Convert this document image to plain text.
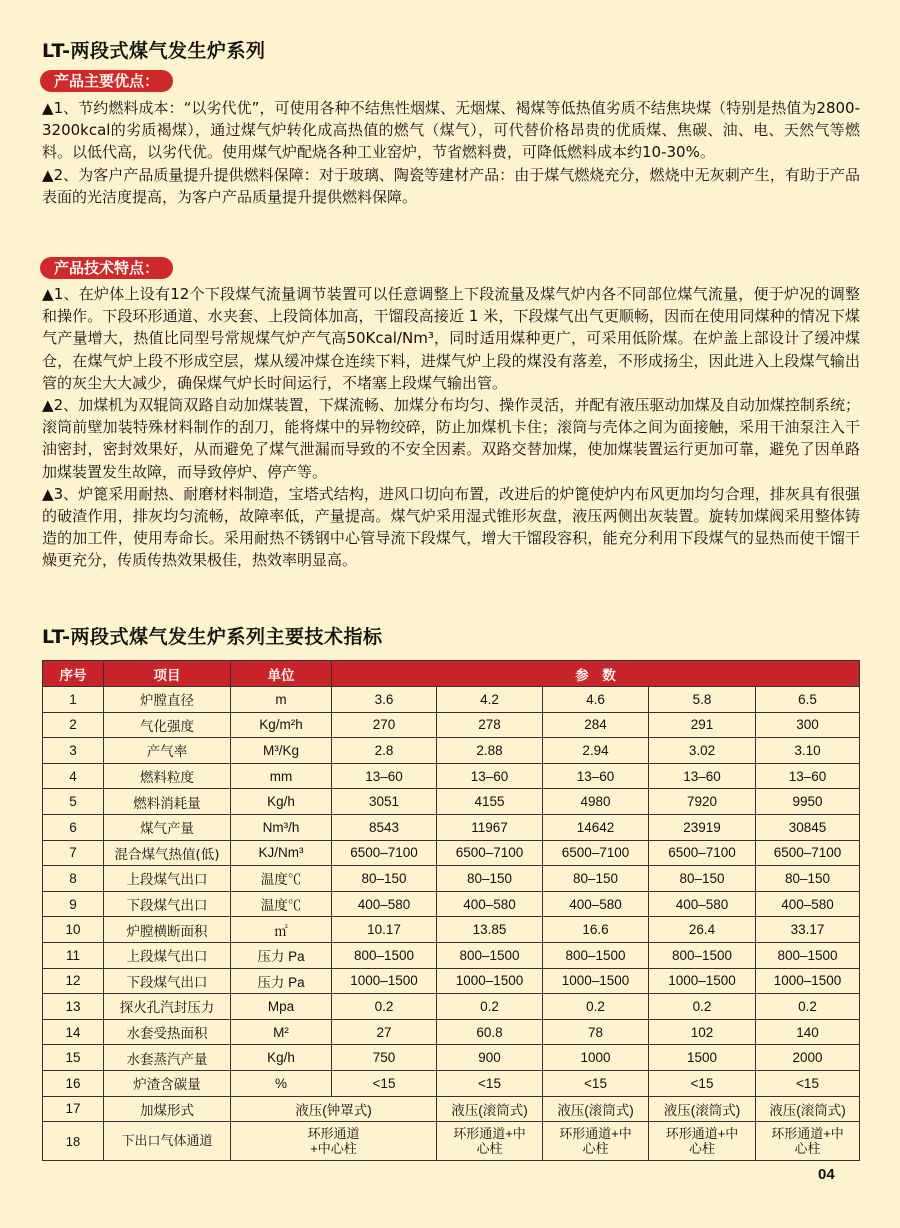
LT-两段式煤气发生炉系列
产品主要优点：

▲1、节约燃料成本：“以劣代优”，可使用各种不结焦性烟煤、无烟煤、褐煤等低热值劣质不结焦块煤（特别是热值为2800-3200kcal的劣质褐煤），通过煤气炉转化成高热值的燃气（煤气），可代替价格昂贵的优质煤、焦碳、油、电、天然气等燃料。以低代高，以劣代优。使用煤气炉配烧各种工业窑炉，节省燃料费，可降低燃料成本约10-30%。

▲2、为客户产品质量提升提供燃料保障：对于玻璃、陶瓷等建材产品：由于煤气燃烧充分，燃烧中无灰刺产生，有助于产品表面的光洁度提高，为客户产品质量提升提供燃料保障。

产品技术特点：

▲1、在炉体上设有12个下段煤气流量调节装置可以任意调整上下段流量及煤气炉内各不同部位煤气流量，便于炉况的调整和操作。下段环形通道、水夹套、上段筒体加高，干馏段高接近 1 米，下段煤气出气更顺畅，因而在使用同煤种的情况下煤气产量增大，热值比同型号常规煤气炉产气高50Kcal/Nm³，同时适用煤种更广，可采用低阶煤。在炉盖上部设计了缓冲煤仓，在煤气炉上段不形成空层，煤从缓冲煤仓连续下料，进煤气炉上段的煤没有落差，不形成扬尘，因此进入上段煤气输出管的灰尘大大减少，确保煤气炉长时间运行，不堵塞上段煤气输出管。

▲2、加煤机为双辊筒双路自动加煤装置，下煤流畅、加煤分布均匀、操作灵活，并配有液压驱动加煤及自动加煤控制系统；滚筒前壁加装特殊材料制作的刮刀，能将煤中的异物绞碎，防止加煤机卡住；滚筒与壳体之间为面接触，采用干油泵注入干油密封，密封效果好，从而避免了煤气泄漏而导致的不安全因素。双路交替加煤，使加煤装置运行更加可靠，避免了因单路加煤装置发生故障，而导致停炉、停产等。

▲3、炉篦采用耐热、耐磨材料制造，宝塔式结构，进风口切向布置，改进后的炉篦使炉内布风更加均匀合理，排灰具有很强的破渣作用，排灰均匀流畅，故障率低，产量提高。煤气炉采用湿式锥形灰盘，液压两侧出灰装置。旋转加煤阀采用整体铸造的加工件，使用寿命长。采用耐热不锈钢中心管导流下段煤气，增大干馏段容积，能充分利用下段煤气的显热而使干馏干燥更充分，传质传热效果极佳，热效率明显高。

LT-两段式煤气发生炉系列主要技术指标
序号	项目	单位	参　数				
1	炉膛直径	m	3.6	4.2	4.6	5.8	6.5
2	气化强度	Kg/m²h	270	278	284	291	300
3	产气率	M³/Kg	2.8	2.88	2.94	3.02	3.10
4	燃料粒度	mm	13–60	13–60	13–60	13–60	13–60
5	燃料消耗量	Kg/h	3051	4155	4980	7920	9950
6	煤气产量	Nm³/h	8543	11967	14642	23919	30845
7	混合煤气热值(低)	KJ/Nm³	6500–7100	6500–7100	6500–7100	6500–7100	6500–7100
8	上段煤气出口	温度℃	80–150	80–150	80–150	80–150	80–150
9	下段煤气出口	温度℃	400–580	400–580	400–580	400–580	400–580
10	炉膛横断面积	㎡	10.17	13.85	16.6	26.4	33.17
11	上段煤气出口	压力 Pa	800–1500	800–1500	800–1500	800–1500	800–1500
12	下段煤气出口	压力 Pa	1000–1500	1000–1500	1000–1500	1000–1500	1000–1500
13	探火孔汽封压力	Mpa	0.2	0.2	0.2	0.2	0.2
14	水套受热面积	M²	27	60.8	78	102	140
15	水套蒸汽产量	Kg/h	750	900	1000	1500	2000
16	炉渣含碳量	%	<15	<15	<15	<15	<15
17	加煤形式	液压(钟罩式)		液压(滚筒式)	液压(滚筒式)	液压(滚筒式)	液压(滚筒式)
18	下出口气体通道	环形通道
+中心柱		环形通道+中
心柱	环形通道+中
心柱	环形通道+中
心柱	环形通道+中
心柱
04
